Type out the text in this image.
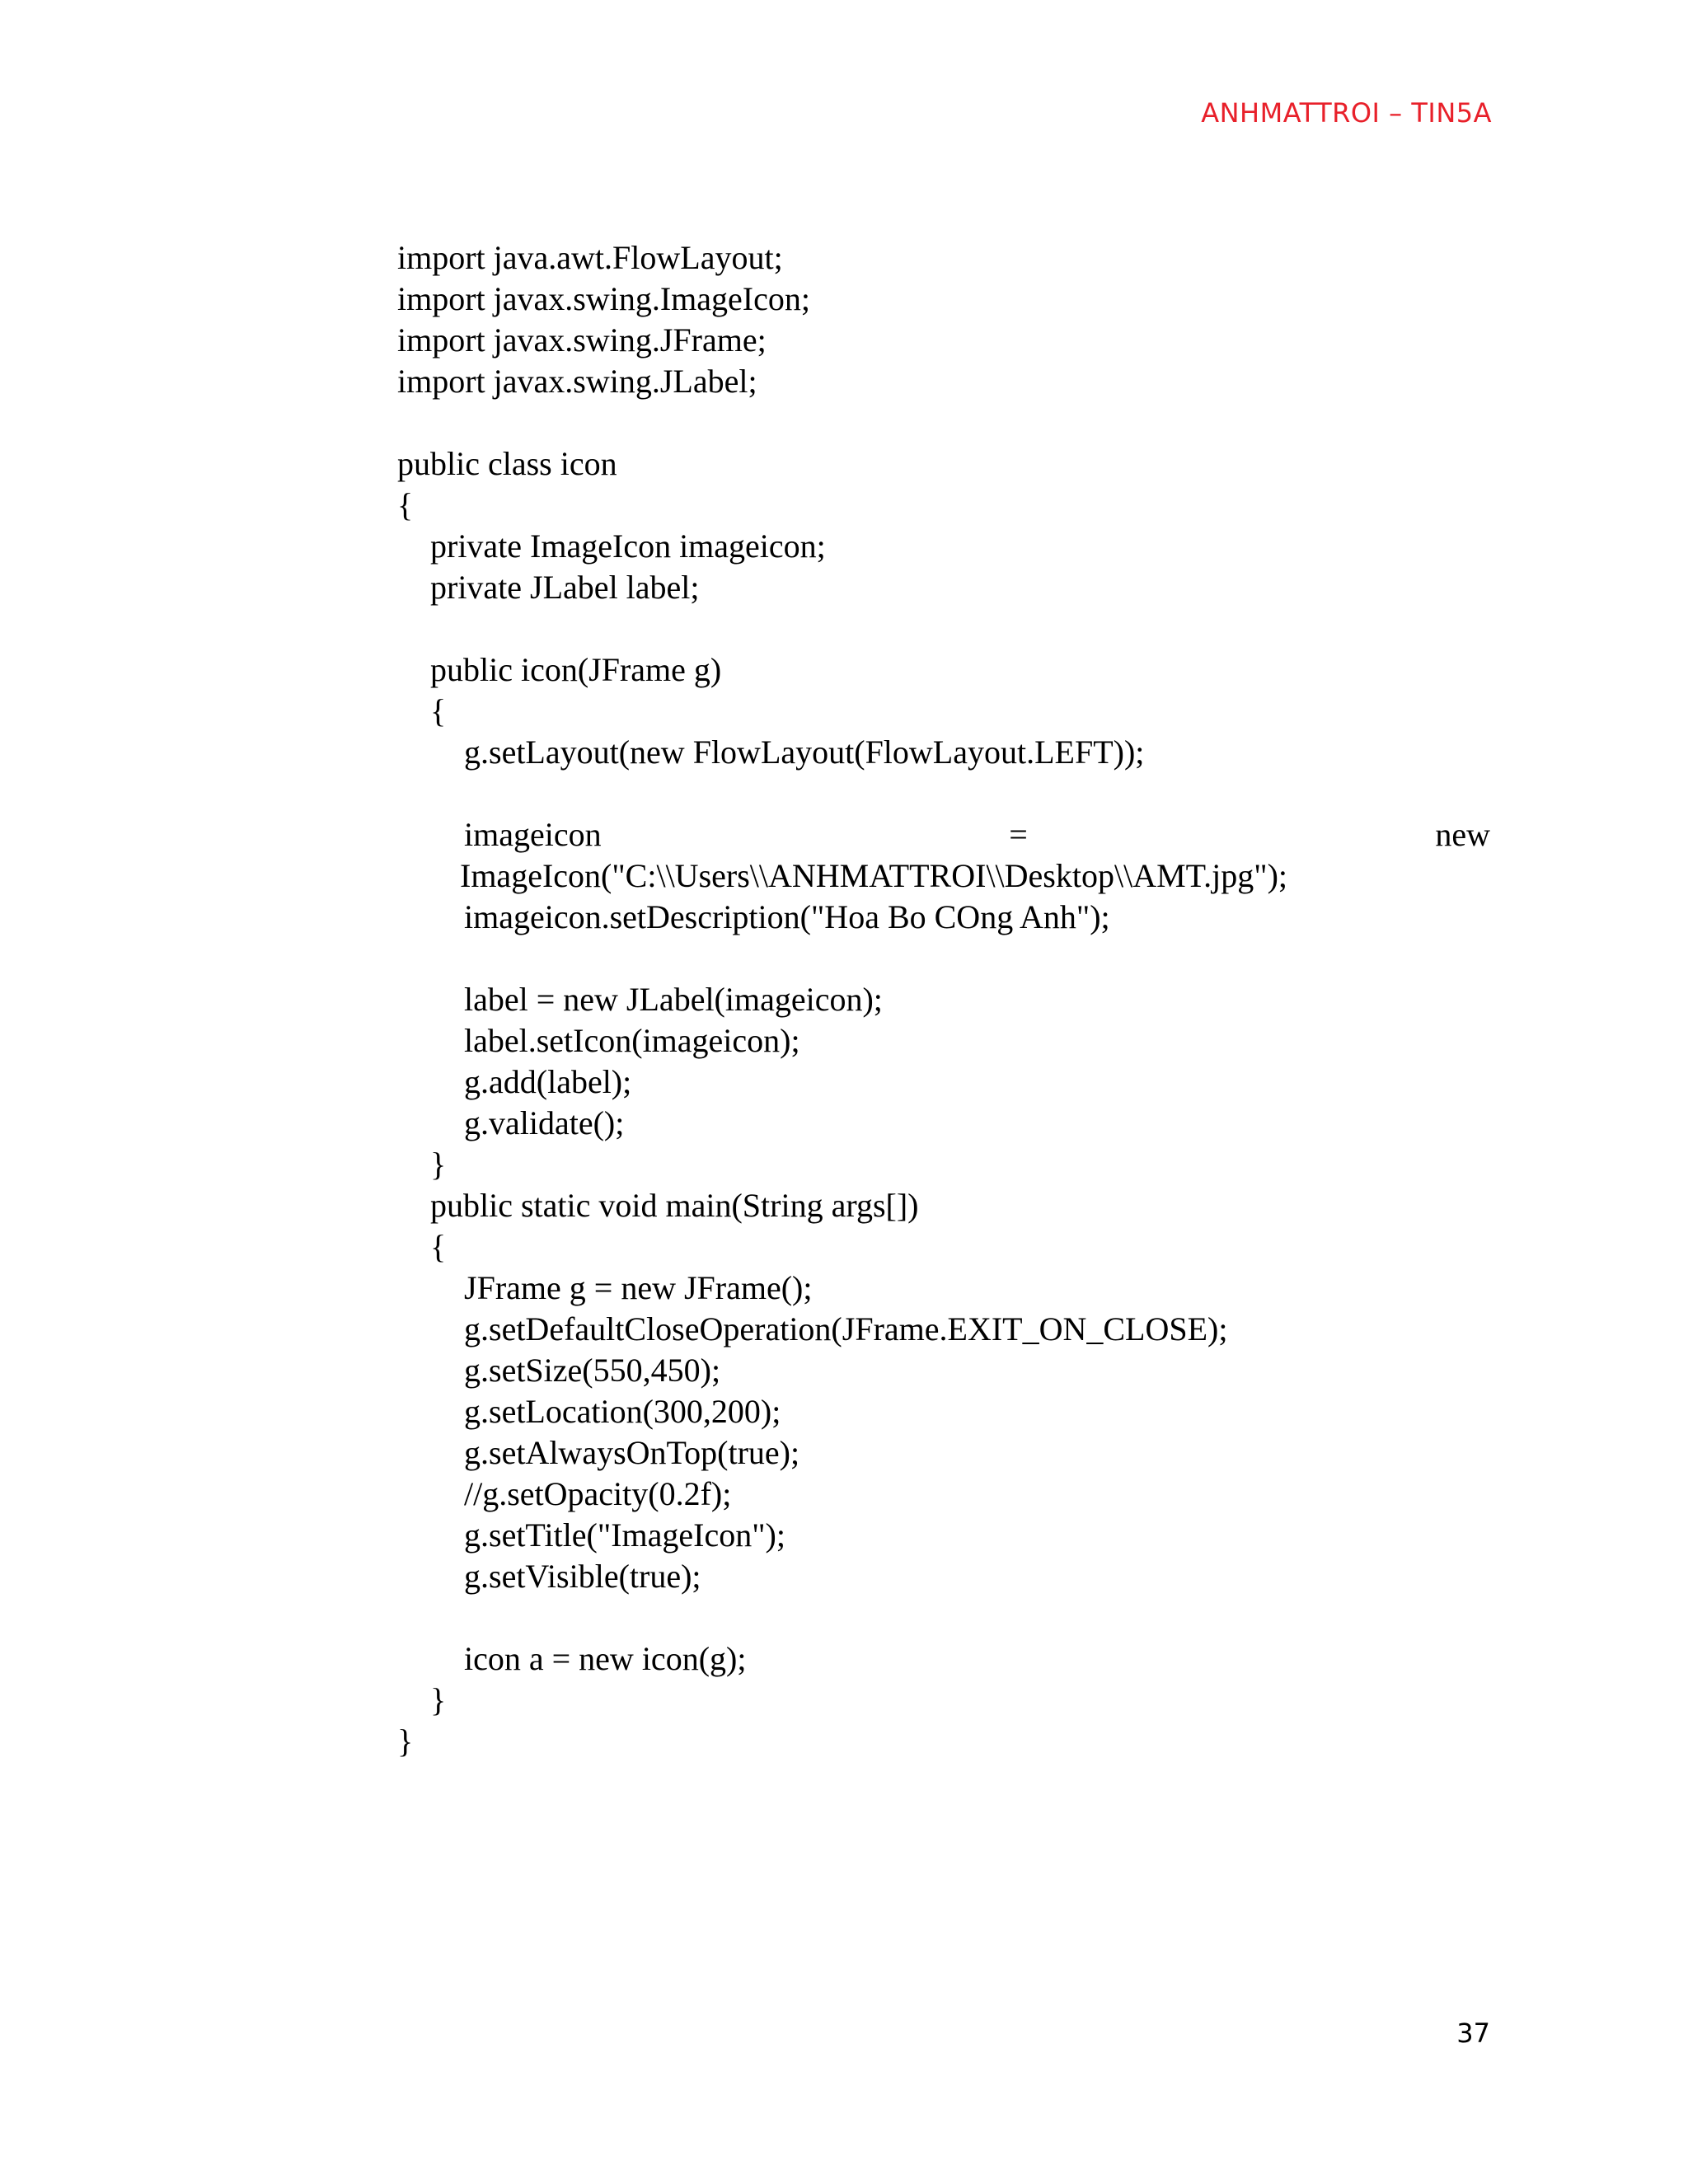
ANHMATTROI – TIN5A
import java.awt.FlowLayout;
import javax.swing.ImageIcon;
import javax.swing.JFrame;
import javax.swing.JLabel;
public class icon
{
private ImageIcon imageicon;
private JLabel label;
public icon(JFrame g)
{
g.setLayout(new FlowLayout(FlowLayout.LEFT));
imageicon	=	new
ImageIcon("C:\\Users\\ANHMATTROI\\Desktop\\AMT.jpg");
imageicon.setDescription("Hoa Bo COng Anh");
label = new JLabel(imageicon);
label.setIcon(imageicon);
g.add(label);
g.validate();
}
public static void main(String args[])
{
JFrame g = new JFrame();
g.setDefaultCloseOperation(JFrame.EXIT_ON_CLOSE);
g.setSize(550,450);
g.setLocation(300,200);
g.setAlwaysOnTop(true);
//g.setOpacity(0.2f);
g.setTitle("ImageIcon");
g.setVisible(true);
icon a = new icon(g);
}
}
37
